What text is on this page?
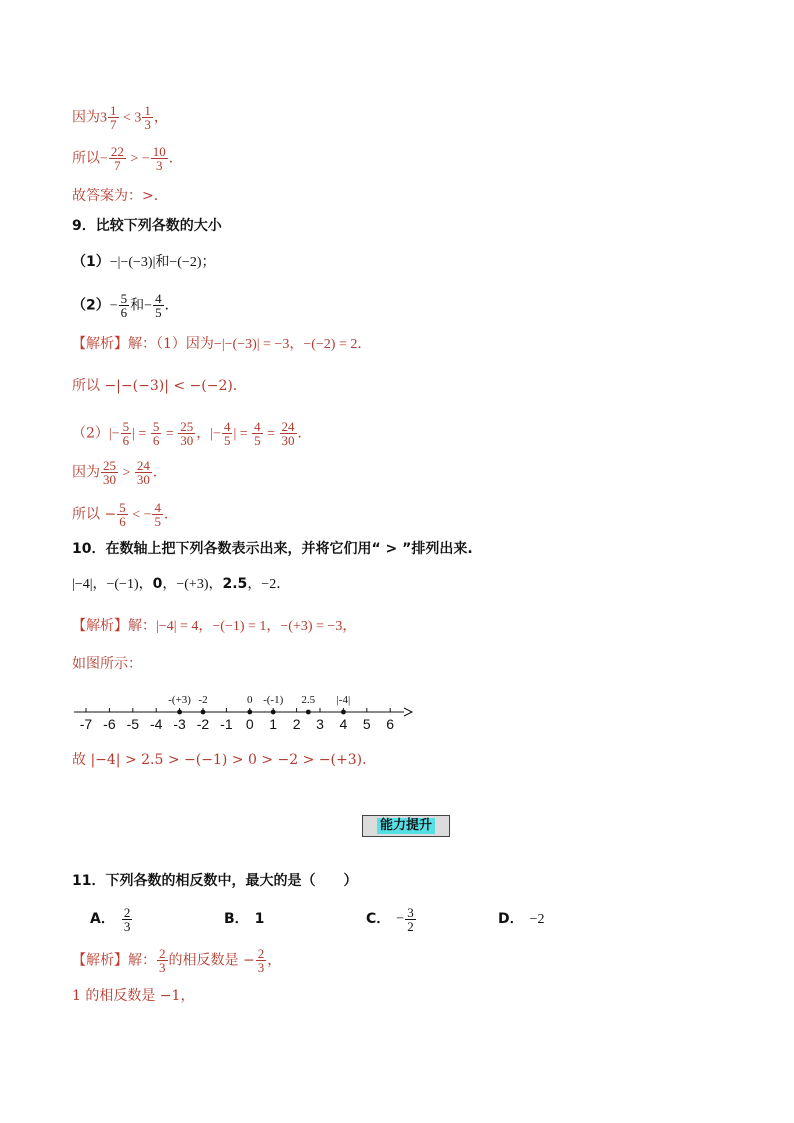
因为$3 \frac{1}{7} < 3 \frac{1}{3}$ ，
所以− $\frac{22}{7}$ > − $\frac{10}{3}$ ．
故答案为：>．
9．比较下列各数的大小
（1）−|−(−3)|和−(−2)；
$(2)- \frac{5}{6}$ 和− $\frac{4}{5}$ ．
【解析】解：（1）因为−|−(−3)| = −3，−(−2) = 2．
所以 −|−(−3)| < −(−2)．
$(2)|- \frac{5}{6}$ | = $\frac{5}{6} = \frac{25}{30}$ ，|− $\frac{4}{5}$ | = $\frac{4}{5} = \frac{24}{30}$ ．
因为 $\frac{25}{30} > \frac{24}{30}$ ．
所以 − $\frac{5}{6}$ < − $\frac{4}{5}$ ．
10．在数轴上把下列各数表示出来，并将它们用“ > ”排列出来.
|−4|，−(−1)，0，−(+3)，2.5，−2．
【解析】解：|−4| = 4，−(−1) = 1，−(+3) = −3，
如图所示：
-7 -6 -5 -4 -3 -2 -1 0 1 2 3 4 5 6
-(+3) -2	0 -(-1) 2.5 |-4|
故 |−4| > 2.5 > −(−1) > 0 > −2 > −(+3)．
能力提升
11．下列各数的相反数中，最大的是（　　）
A． $\frac{2}{3}$	B． 1	C． − $\frac{3}{2}$	D． −2
【解析】解： $\frac{2}{3}$ 的相反数是 − $\frac{2}{3}$ ，
1 的相反数是 −1，
